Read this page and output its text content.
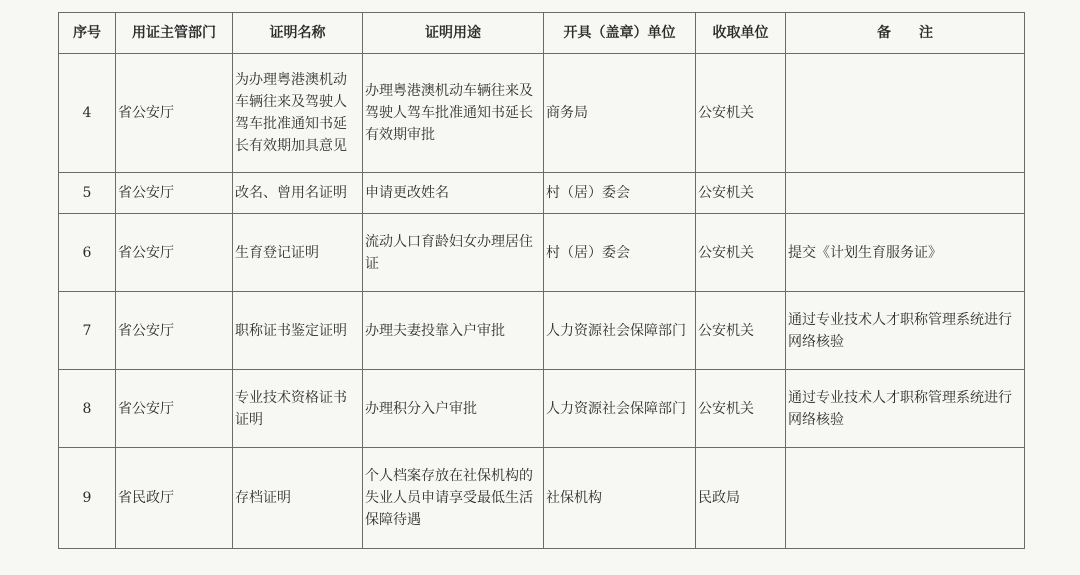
序号	用证主管部门	证明名称	证明用途	开具（盖章）单位	收取单位	备　　注
4	省公安厅	为办理粤港澳机动车辆往来及驾驶人驾车批准通知书延长有效期加具意见	办理粤港澳机动车辆往来及驾驶人驾车批准通知书延长有效期审批	商务局	公安机关	
5	省公安厅	改名、曾用名证明	申请更改姓名	村（居）委会	公安机关	
6	省公安厅	生育登记证明	流动人口育龄妇女办理居住证	村（居）委会	公安机关	提交《计划生育服务证》
7	省公安厅	职称证书鉴定证明	办理夫妻投靠入户审批	人力资源社会保障部门	公安机关	通过专业技术人才职称管理系统进行网络核验
8	省公安厅	专业技术资格证书证明	办理积分入户审批	人力资源社会保障部门	公安机关	通过专业技术人才职称管理系统进行网络核验
9	省民政厅	存档证明	个人档案存放在社保机构的失业人员申请享受最低生活保障待遇	社保机构	民政局	
